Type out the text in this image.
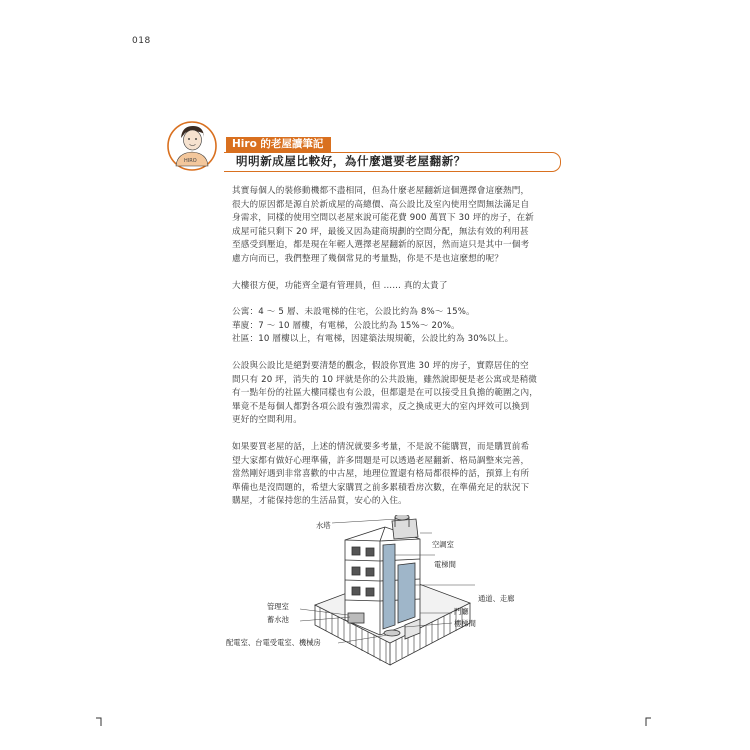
018
HIRO
Hiro 的老屋讀筆記
明明新成屋比較好，為什麼還要老屋翻新？

其實每個人的裝修動機都不盡相同，但為什麼老屋翻新這個選擇會這麼熱門，
很大的原因都是源自於新成屋的高總價、高公設比及室內使用空間無法滿足自
身需求，同樣的使用空間以老屋來說可能花費 900 萬買下 30 坪的房子，在新
成屋可能只剩下 20 坪，最後又因為建商規劃的空間分配，無法有效的利用甚
至感受到壓迫，都是現在年輕人選擇老屋翻新的原因，然而這只是其中一個考
慮方向而已，我們整理了幾個常見的考量點，你是不是也這麼想的呢？

大樓很方便，功能齊全還有管理員，但 …… 真的太貴了

公寓：4 ～ 5 層、未設電梯的住宅，公設比約為 8%～ 15%。
華廈：7 ～ 10 層樓，有電梯，公設比約為 15%～ 20%。
社區：10 層樓以上，有電梯，因建築法規規範，公設比約為 30%以上。

公設與公設比是絕對要清楚的觀念，假設你買進 30 坪的房子，實際居住的空
間只有 20 坪，消失的 10 坪就是你的公共設施，雖然說即便是老公寓或是稍微
有一點年份的社區大樓同樣也有公設，但都還是在可以接受且負擔的範圍之內，
畢竟不是每個人都對各項公設有強烈需求，反之換成更大的室內坪效可以換到
更好的空間利用。

如果要買老屋的話，上述的情況就要多考量，不是說不能購買，而是購買前希
望大家都有做好心理準備，許多問題是可以透過老屋翻新、格局調整來完善，
當然剛好遇到非常喜歡的中古屋，地理位置還有格局都很棒的話，預算上有所
準備也是沒問題的，希望大家購買之前多累積看房次數，在準備充足的狀況下
購屋，才能保持您的生活品質，安心的入住。

水塔
空調室
電梯間
通道、走廊
門廳
樓梯間
管理室
蓄水池
配電室、台電受電室、機械房
